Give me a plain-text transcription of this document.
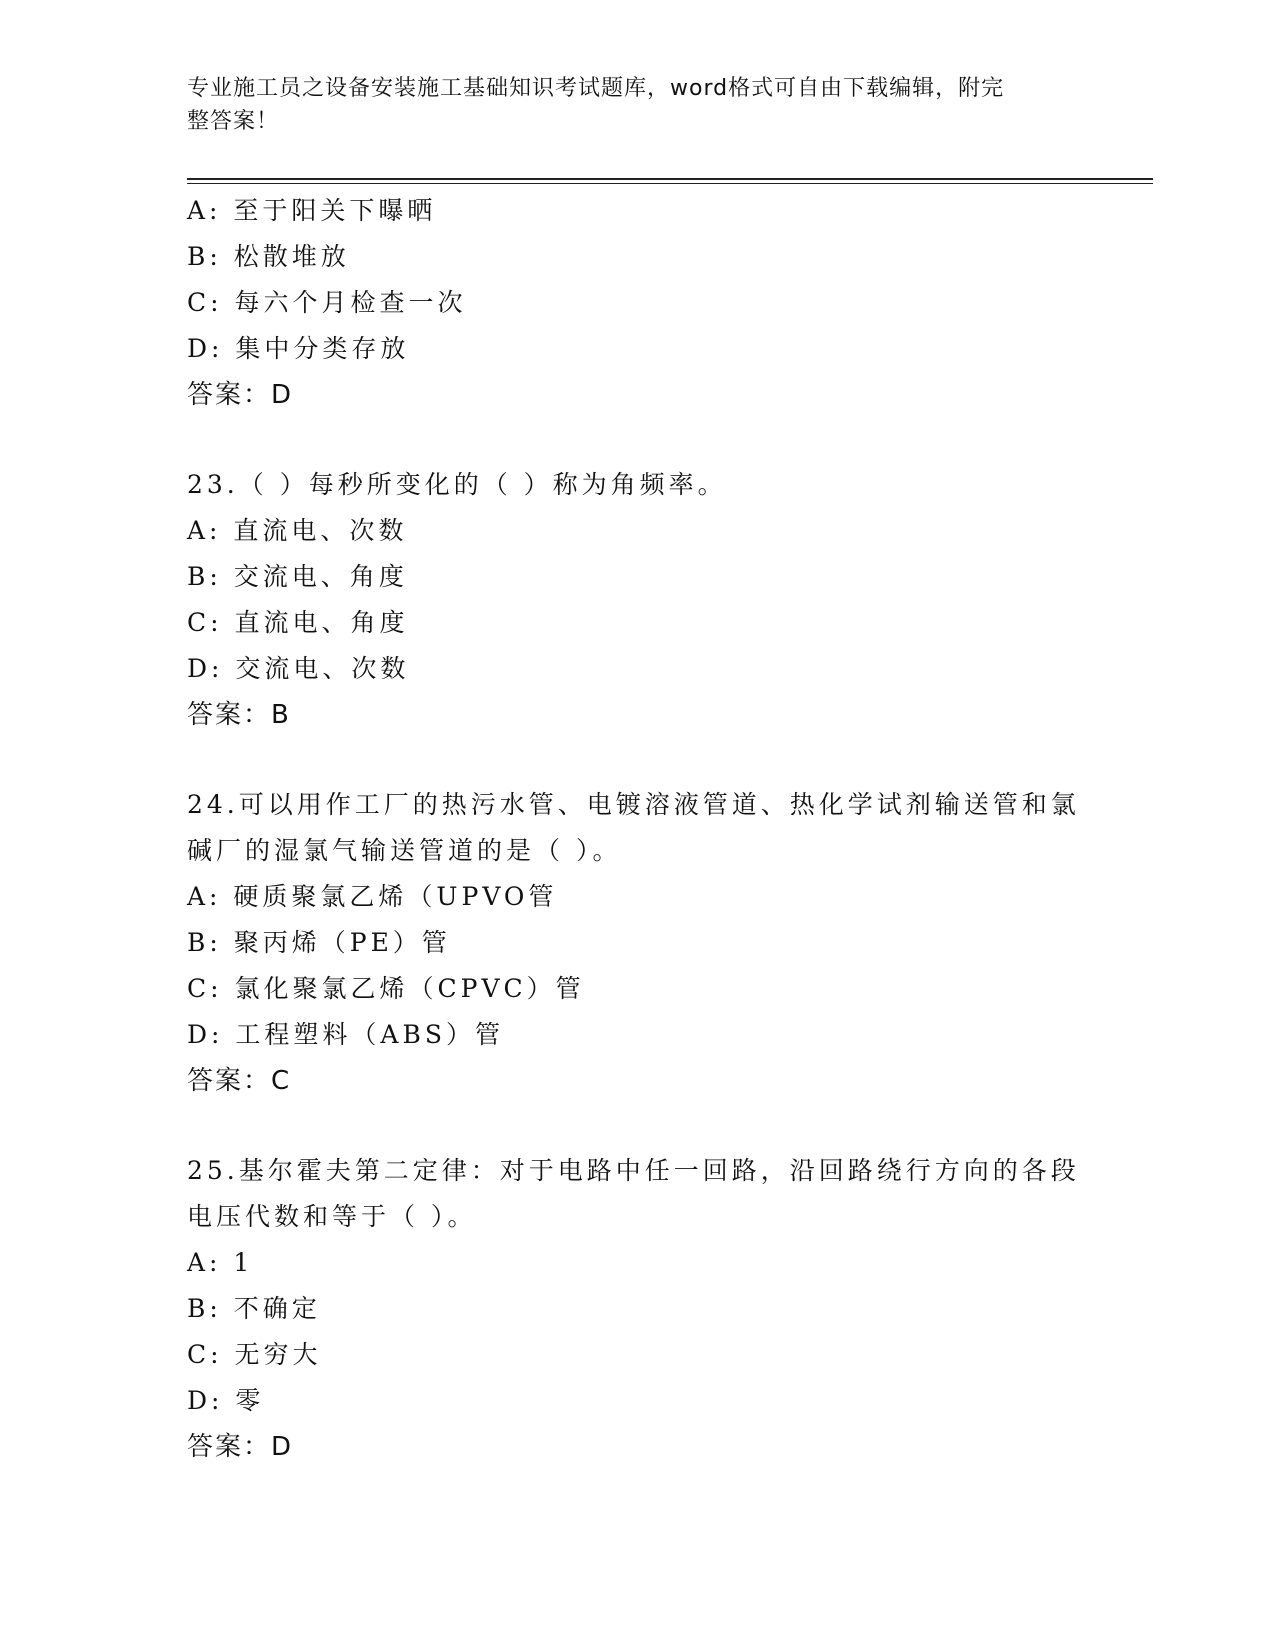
专业施工员之设备安装施工基础知识考试题库，word格式可自由下载编辑，附完
整答案！
A: 至于阳关下曝晒
B: 松散堆放
C: 每六个月检查一次
D: 集中分类存放
答案：D
23.（ ）每秒所变化的（ ）称为角频率。
A: 直流电、次数
B: 交流电、角度
C: 直流电、角度
D: 交流电、次数
答案：B
24.可以用作工厂的热污水管、电镀溶液管道、热化学试剂输送管和氯
碱厂的湿氯气输送管道的是（ ）。
A: 硬质聚氯乙烯（UPVO管
B: 聚丙烯（PE）管
C: 氯化聚氯乙烯（CPVC）管
D: 工程塑料（ABS）管
答案：C
25.基尔霍夫第二定律：对于电路中任一回路，沿回路绕行方向的各段
电压代数和等于（ ）。
A: 1
B: 不确定
C: 无穷大
D: 零
答案：D
